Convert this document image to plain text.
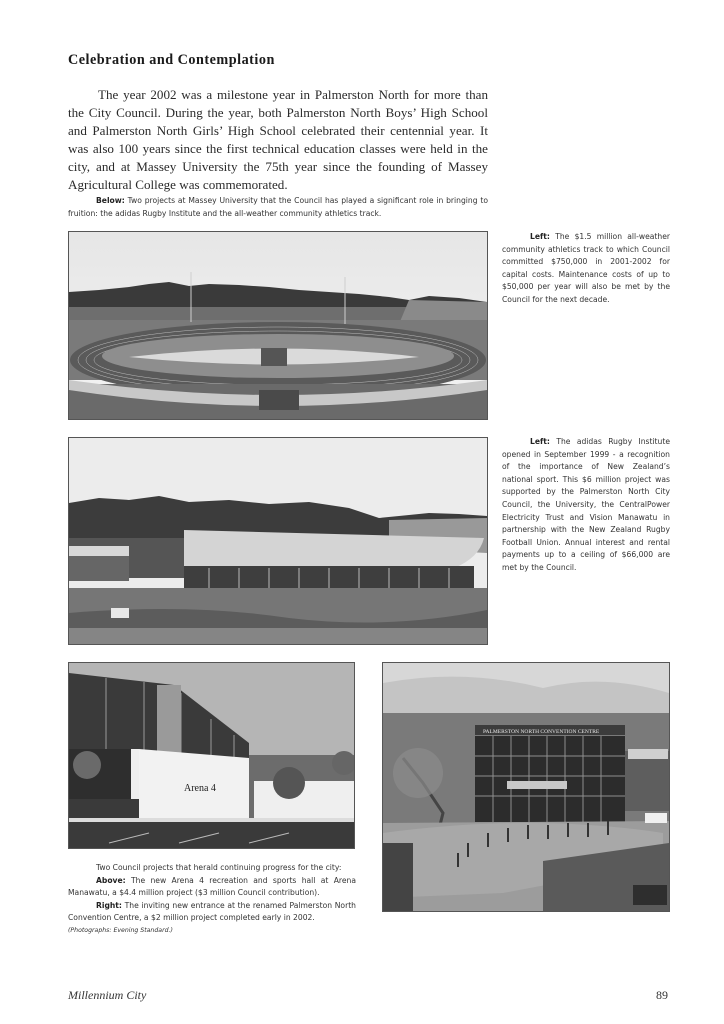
Celebration and Contemplation

The year 2002 was a milestone year in Palmerston North for more than the City Council. During the year, both Palmerston North Boys’ High School and Palmerston North Girls’ High School celebrated their centennial year. It was also 100 years since the first technical education classes were held in the city, and at Massey University the 75th year since the founding of Massey Agricultural College was commemorated.

Below: Two projects at Massey University that the Council has played a significant role in bringing to fruition: the adidas Rugby Institute and the all-weather community athletics track.

Left: The $1.5 million all-weather community athletics track to which Council committed $750,000 in 2001-2002 for capital costs. Maintenance costs of up to $50,000 per year will also be met by the Council for the next decade.

Left: The adidas Rugby Institute opened in September 1999 - a recognition of the importance of New Zealand’s national sport. This $6 million project was supported by the Palmerston North City Council, the University, the CentralPower Electricity Trust and Vision Manawatu in partnership with the New Zealand Rugby Football Union. Annual interest and rental payments up to a ceiling of $66,000 are met by the Council.

Arena 4
PALMERSTON NORTH CONVENTION CENTRE

Two Council projects that herald continuing progress for the city:

Above: The new Arena 4 recreation and sports hall at Arena Manawatu, a $4.4 million project ($3 million Council contribution).

Right: The inviting new entrance at the renamed Palmerston North Convention Centre, a $2 million project completed early in 2002.

(Photographs: Evening Standard.)

Millennium City	89
